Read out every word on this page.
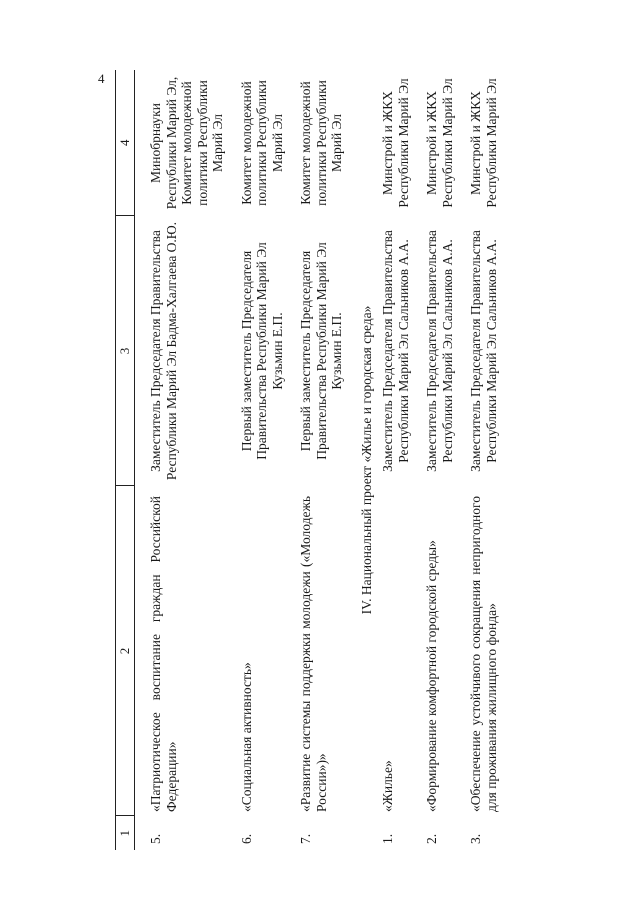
4
1	2	3	4
5.	«Патриотическое воспитание граждан Российской Федерации»	Заместитель Председателя Правительства Республики Марий Эл Бадма-Халгаева О.Ю.	Минобрнауки Республики Марий Эл, Комитет молодежной политики Республики Марий Эл
6.	«Социальная активность»	Первый заместитель Председателя Правительства Республики Марий Эл Кузьмин Е.П.	Комитет молодежной политики Республики Марий Эл
7.	«Развитие системы поддержки молодежи («Молодежь России»)»	Первый заместитель Председателя Правительства Республики Марий Эл Кузьмин Е.П.	Комитет молодежной политики Республики Марий Эл
IV. Национальный проект «Жилье и городская среда»			
1.	«Жилье»	Заместитель Председателя Правительства Республики Марий Эл Сальников А.А.	Минстрой и ЖКХ Республики Марий Эл
2.	«Формирование комфортной городской среды»	Заместитель Председателя Правительства Республики Марий Эл Сальников А.А.	Минстрой и ЖКХ Республики Марий Эл
3.	«Обеспечение устойчивого сокращения непригодного для проживания жилищного фонда»	Заместитель Председателя Правительства Республики Марий Эл Сальников А.А.	Минстрой и ЖКХ Республики Марий Эл
